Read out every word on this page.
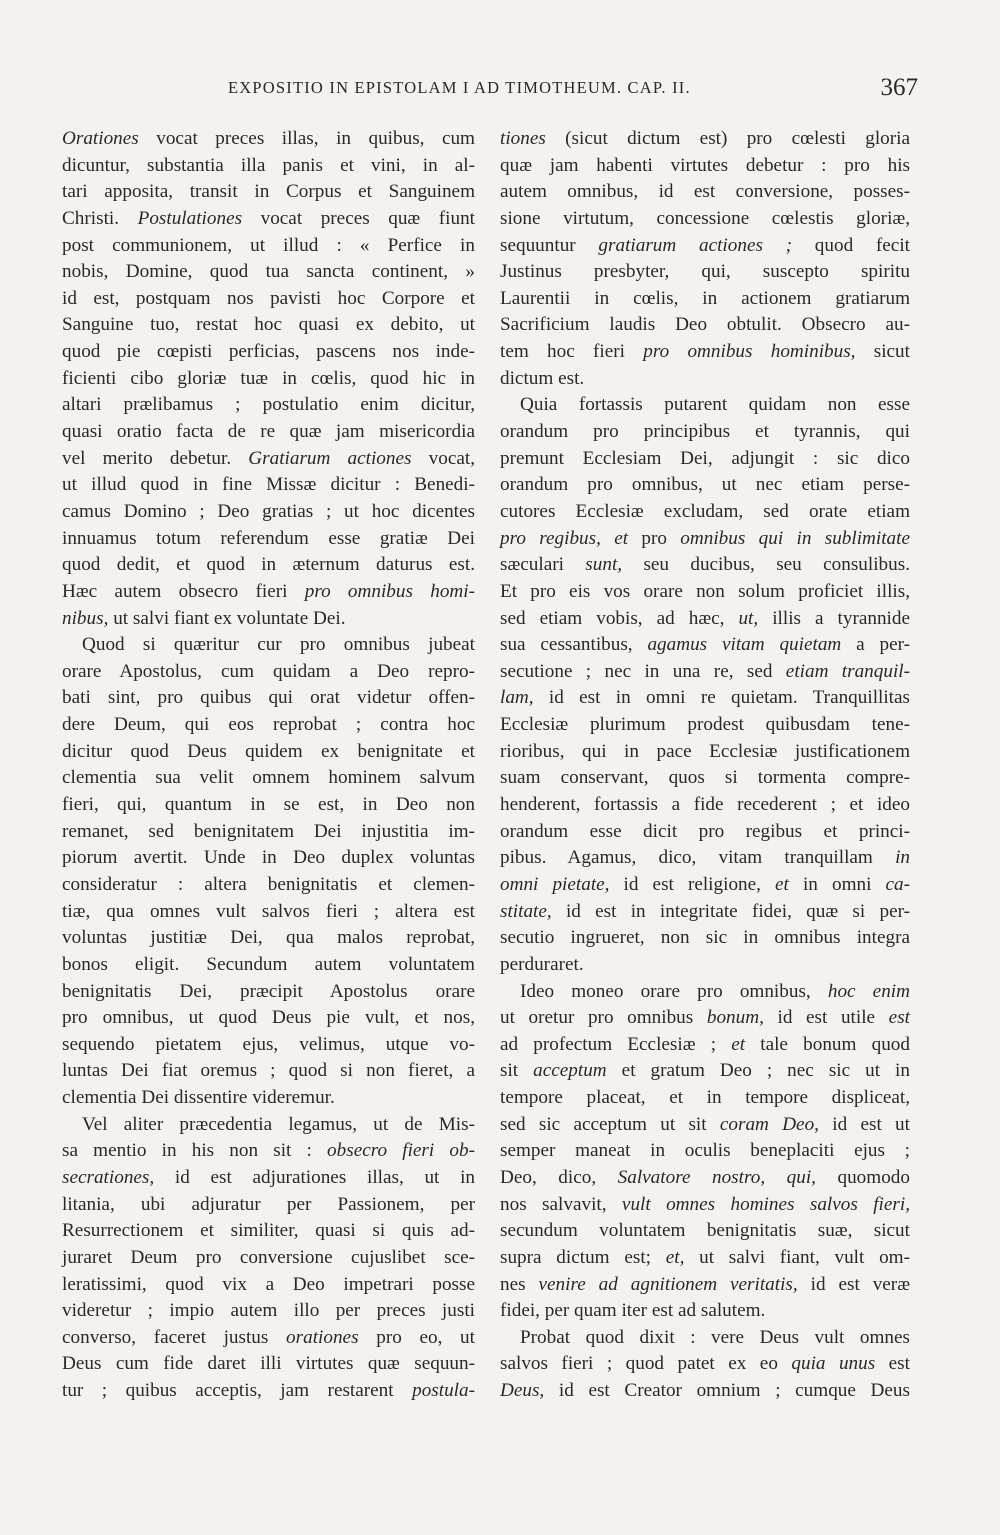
EXPOSITIO IN EPISTOLAM I AD TIMOTHEUM. CAP. II.	367
Orationes vocat preces illas, in quibus, cum
dicuntur, substantia illa panis et vini, in al-
tari apposita, transit in Corpus et Sanguinem
Christi. Postulationes vocat preces quæ fiunt
post communionem, ut illud : « Perfice in
nobis, Domine, quod tua sancta continent, »
id est, postquam nos pavisti hoc Corpore et
Sanguine tuo, restat hoc quasi ex debito, ut
quod pie cœpisti perficias, pascens nos inde-
ficienti cibo gloriæ tuæ in cœlis, quod hic in
altari prælibamus ; postulatio enim dicitur,
quasi oratio facta de re quæ jam misericordia
vel merito debetur. Gratiarum actiones vocat,
ut illud quod in fine Missæ dicitur : Benedi-
camus Domino ; Deo gratias ; ut hoc dicentes
innuamus totum referendum esse gratiæ Dei
quod dedit, et quod in æternum daturus est.
Hæc autem obsecro fieri pro omnibus homi-
nibus, ut salvi fiant ex voluntate Dei.
Quod si quæritur cur pro omnibus jubeat
orare Apostolus, cum quidam a Deo repro-
bati sint, pro quibus qui orat videtur offen-
dere Deum, qui eos reprobat ; contra hoc
dicitur quod Deus quidem ex benignitate et
clementia sua velit omnem hominem salvum
fieri, qui, quantum in se est, in Deo non
remanet, sed benignitatem Dei injustitia im-
piorum avertit. Unde in Deo duplex voluntas
consideratur : altera benignitatis et clemen-
tiæ, qua omnes vult salvos fieri ; altera est
voluntas justitiæ Dei, qua malos reprobat,
bonos eligit. Secundum autem voluntatem
benignitatis Dei, præcipit Apostolus orare
pro omnibus, ut quod Deus pie vult, et nos,
sequendo pietatem ejus, velimus, utque vo-
luntas Dei fiat oremus ; quod si non fieret, a
clementia Dei dissentire videremur.
Vel aliter præcedentia legamus, ut de Mis-
sa mentio in his non sit : obsecro fieri ob-
secrationes, id est adjurationes illas, ut in
litania, ubi adjuratur per Passionem, per
Resurrectionem et similiter, quasi si quis ad-
juraret Deum pro conversione cujuslibet sce-
leratissimi, quod vix a Deo impetrari posse
videretur ; impio autem illo per preces justi
converso, faceret justus orationes pro eo, ut
Deus cum fide daret illi virtutes quæ sequun-
tur ; quibus acceptis, jam restarent postula-
tiones (sicut dictum est) pro cœlesti gloria
quæ jam habenti virtutes debetur : pro his
autem omnibus, id est conversione, posses-
sione virtutum, concessione cœlestis gloriæ,
sequuntur gratiarum actiones ; quod fecit
Justinus presbyter, qui, suscepto spiritu
Laurentii in cœlis, in actionem gratiarum
Sacrificium laudis Deo obtulit. Obsecro au-
tem hoc fieri pro omnibus hominibus, sicut
dictum est.
Quia fortassis putarent quidam non esse
orandum pro principibus et tyrannis, qui
premunt Ecclesiam Dei, adjungit : sic dico
orandum pro omnibus, ut nec etiam perse-
cutores Ecclesiæ excludam, sed orate etiam
pro regibus, et pro omnibus qui in sublimitate
sæculari sunt, seu ducibus, seu consulibus.
Et pro eis vos orare non solum proficiet illis,
sed etiam vobis, ad hæc, ut, illis a tyrannide
sua cessantibus, agamus vitam quietam a per-
secutione ; nec in una re, sed etiam tranquil-
lam, id est in omni re quietam. Tranquillitas
Ecclesiæ plurimum prodest quibusdam tene-
rioribus, qui in pace Ecclesiæ justificationem
suam conservant, quos si tormenta compre-
henderent, fortassis a fide recederent ; et ideo
orandum esse dicit pro regibus et princi-
pibus. Agamus, dico, vitam tranquillam in
omni pietate, id est religione, et in omni ca-
stitate, id est in integritate fidei, quæ si per-
secutio ingrueret, non sic in omnibus integra
perduraret.
Ideo moneo orare pro omnibus, hoc enim
ut oretur pro omnibus bonum, id est utile est
ad profectum Ecclesiæ ; et tale bonum quod
sit acceptum et gratum Deo ; nec sic ut in
tempore placeat, et in tempore displiceat,
sed sic acceptum ut sit coram Deo, id est ut
semper maneat in oculis beneplaciti ejus ;
Deo, dico, Salvatore nostro, qui, quomodo
nos salvavit, vult omnes homines salvos fieri,
secundum voluntatem benignitatis suæ, sicut
supra dictum est; et, ut salvi fiant, vult om-
nes venire ad agnitionem veritatis, id est veræ
fidei, per quam iter est ad salutem.
Probat quod dixit : vere Deus vult omnes
salvos fieri ; quod patet ex eo quia unus est
Deus, id est Creator omnium ; cumque Deus
